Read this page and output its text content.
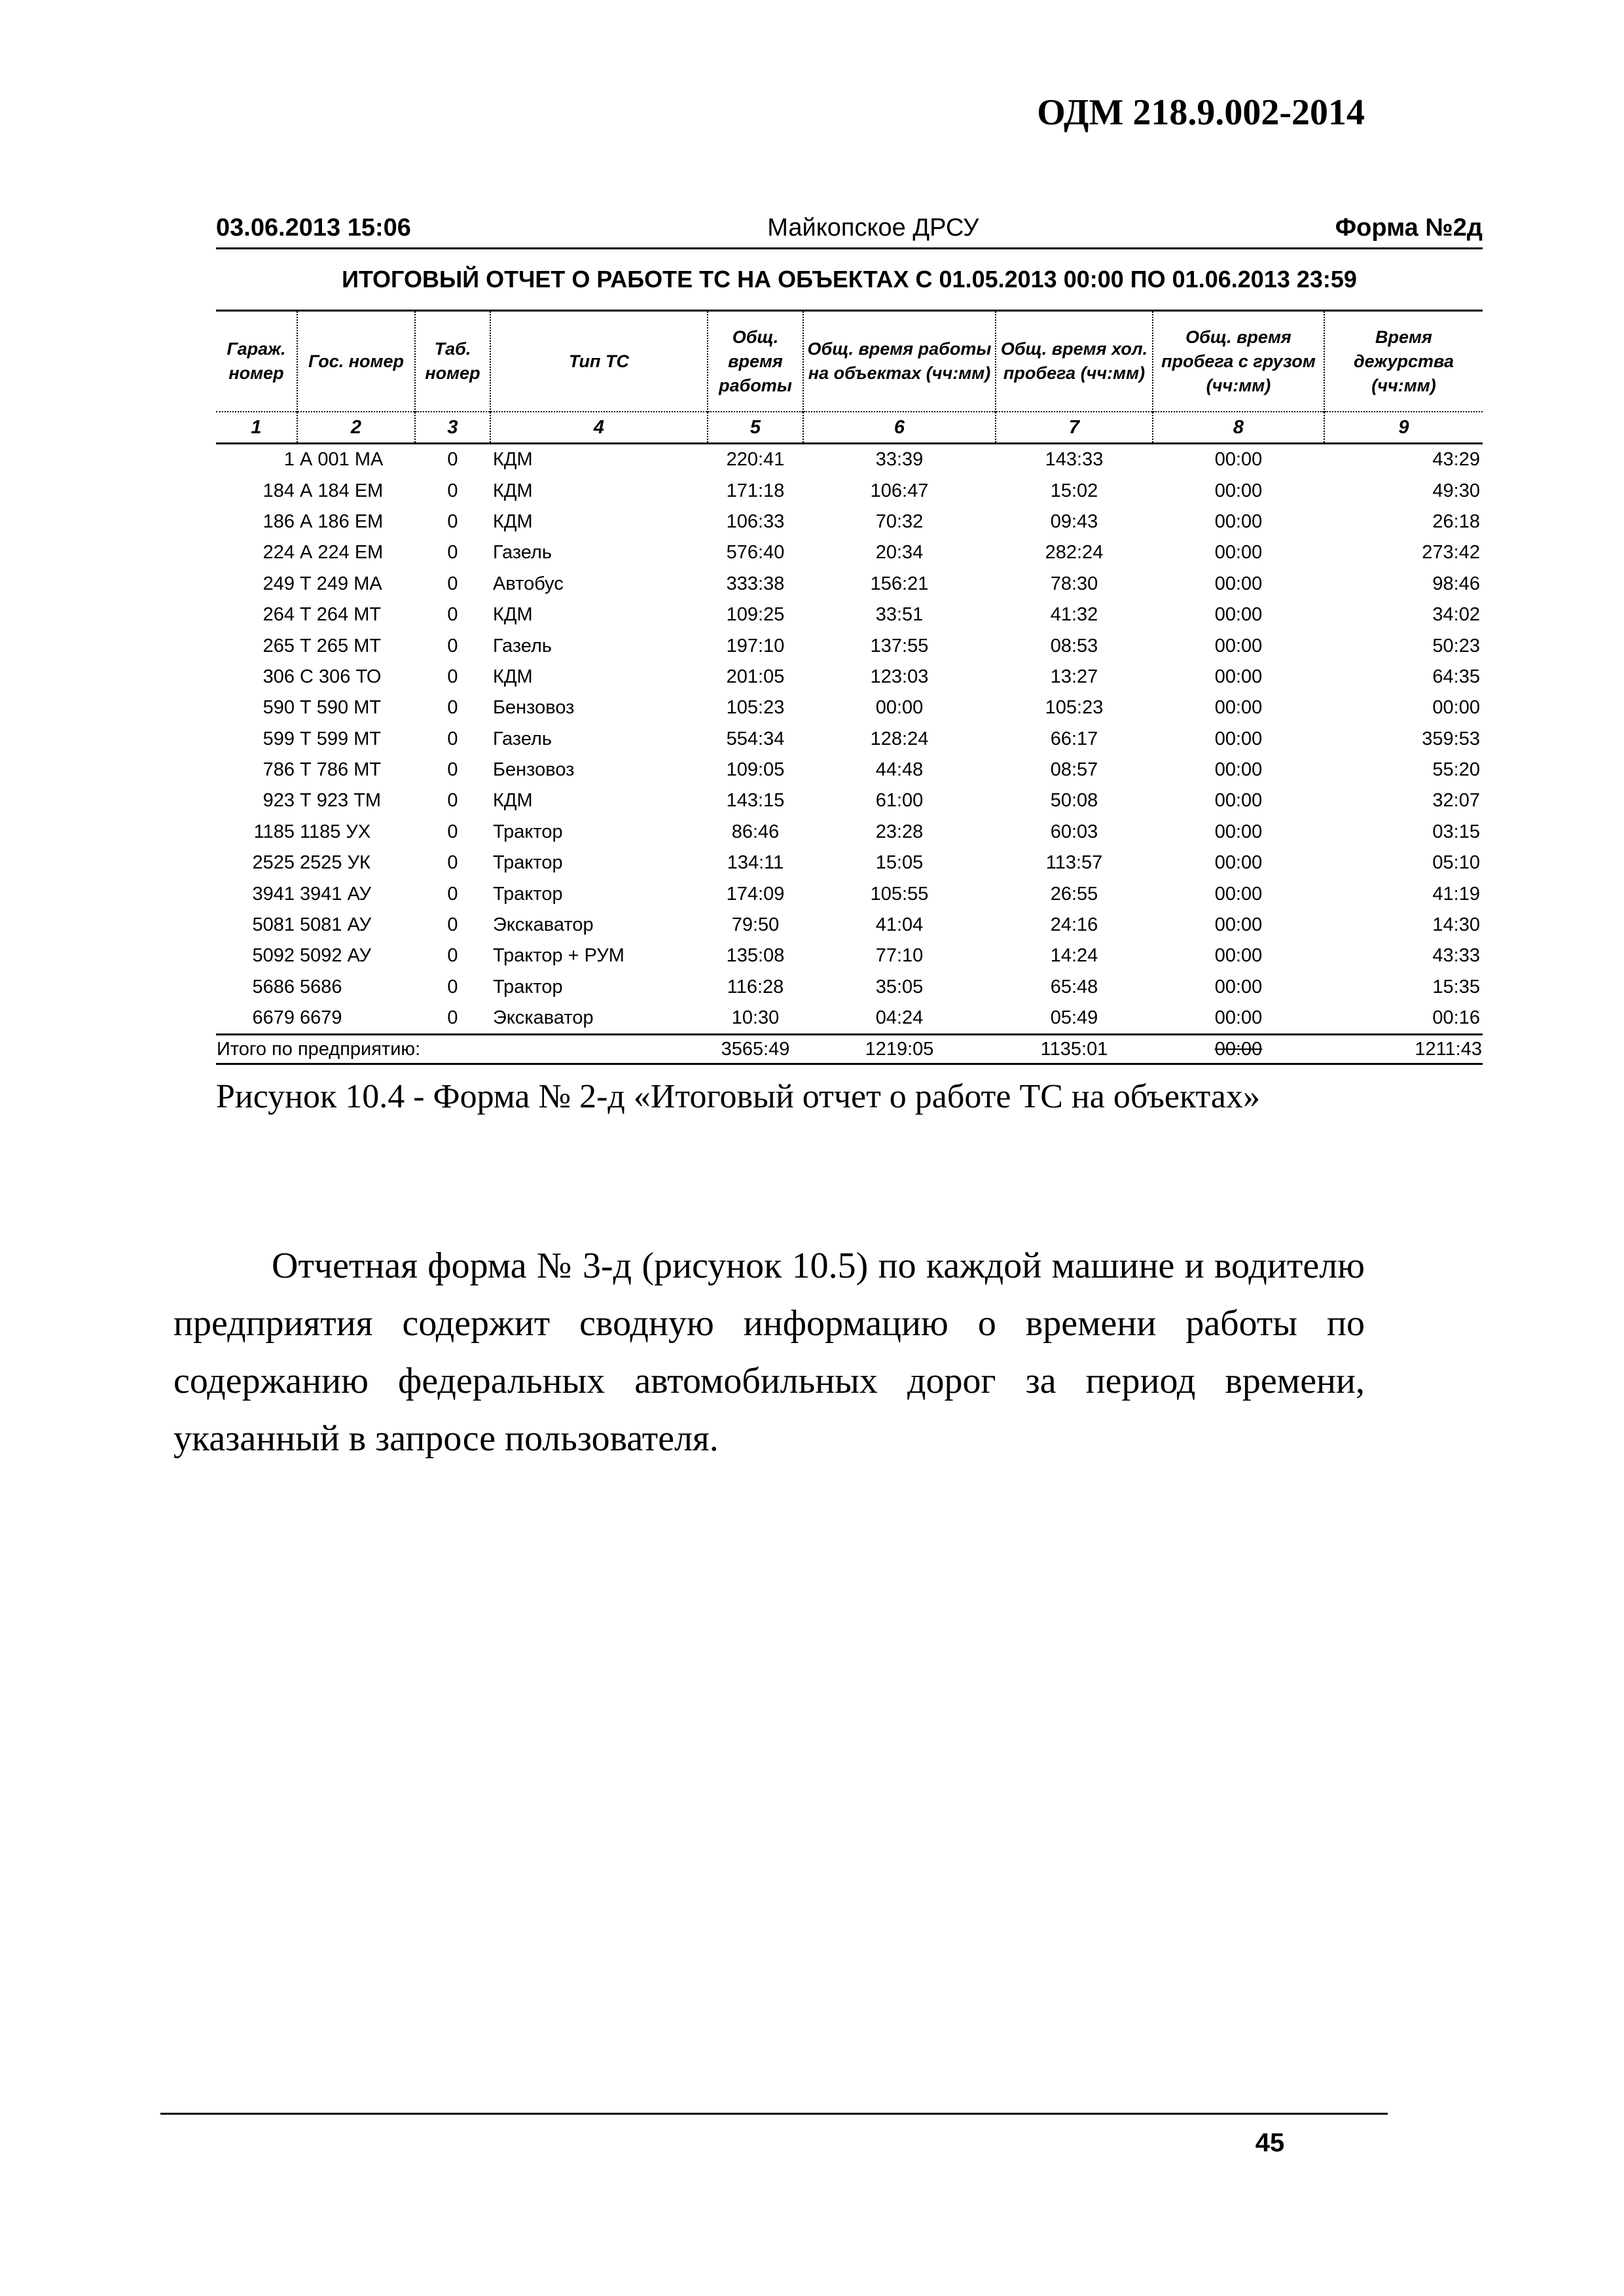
ОДМ 218.9.002-2014
03.06.2013 15:06	Майкопское ДРСУ	Форма №2д
ИТОГОВЫЙ ОТЧЕТ О РАБОТЕ ТС НА ОБЪЕКТАХ С 01.05.2013 00:00 ПО 01.06.2013 23:59
Гараж. номер	Гос. номер	Таб. номер	Тип ТС	Общ. время работы	Общ. время работы на объектах (чч:мм)	Общ. время хол. пробега (чч:мм)	Общ. время пробега с грузом (чч:мм)	Время дежурства (чч:мм)
1	2	3	4	5	6	7	8	9
1	А 001 МА	0	КДМ	220:41	33:39	143:33	00:00	43:29
184	А 184 ЕМ	0	КДМ	171:18	106:47	15:02	00:00	49:30
186	А 186 ЕМ	0	КДМ	106:33	70:32	09:43	00:00	26:18
224	А 224 ЕМ	0	Газель	576:40	20:34	282:24	00:00	273:42
249	Т 249 МА	0	Автобус	333:38	156:21	78:30	00:00	98:46
264	Т 264 МТ	0	КДМ	109:25	33:51	41:32	00:00	34:02
265	Т 265 МТ	0	Газель	197:10	137:55	08:53	00:00	50:23
306	С 306 ТО	0	КДМ	201:05	123:03	13:27	00:00	64:35
590	Т 590 МТ	0	Бензовоз	105:23	00:00	105:23	00:00	00:00
599	Т 599 МТ	0	Газель	554:34	128:24	66:17	00:00	359:53
786	Т 786 МТ	0	Бензовоз	109:05	44:48	08:57	00:00	55:20
923	Т 923 ТМ	0	КДМ	143:15	61:00	50:08	00:00	32:07
1185	1185 УХ	0	Трактор	86:46	23:28	60:03	00:00	03:15
2525	2525 УК	0	Трактор	134:11	15:05	113:57	00:00	05:10
3941	3941 АУ	0	Трактор	174:09	105:55	26:55	00:00	41:19
5081	5081 АУ	0	Экскаватор	79:50	41:04	24:16	00:00	14:30
5092	5092 АУ	0	Трактор + РУМ	135:08	77:10	14:24	00:00	43:33
5686	5686	0	Трактор	116:28	35:05	65:48	00:00	15:35
6679	6679	0	Экскаватор	10:30	04:24	05:49	00:00	00:16
Итого по предприятию:				3565:49	1219:05	1135:01	00:00	1211:43
Рисунок 10.4 - Форма № 2-д «Итоговый отчет о работе ТС на объектах»
Отчетная форма № 3-д (рисунок 10.5) по каждой машине и водителю предприятия содержит сводную информацию о времени работы по содержанию федеральных автомобильных дорог за период времени, указанный в запросе пользователя.
45
